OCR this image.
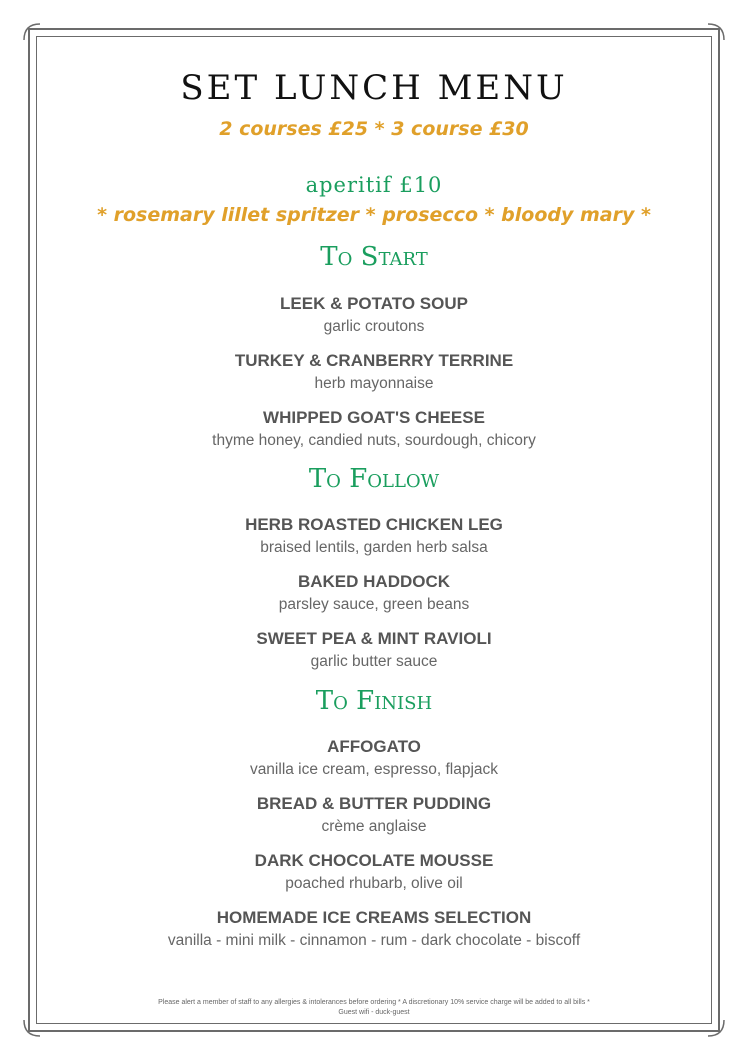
SET LUNCH MENU
2 courses £25 * 3 course £30
aperitif £10
* rosemary lillet spritzer * prosecco * bloody mary *
To Start
LEEK & POTATO SOUP
garlic croutons
TURKEY & CRANBERRY TERRINE
herb mayonnaise
WHIPPED GOAT'S CHEESE
thyme honey, candied nuts, sourdough, chicory
To Follow
HERB ROASTED CHICKEN LEG
braised lentils, garden herb salsa
BAKED HADDOCK
parsley sauce, green beans
SWEET PEA & MINT RAVIOLI
garlic butter sauce
To Finish
AFFOGATO
vanilla ice cream, espresso, flapjack
BREAD & BUTTER PUDDING
crème anglaise
DARK CHOCOLATE MOUSSE
poached rhubarb, olive oil
HOMEMADE ICE CREAMS SELECTION
vanilla - mini milk - cinnamon - rum - dark chocolate - biscoff
Please alert a member of staff to any allergies & intolerances before ordering * A discretionary 10% service charge will be added to all bills *
Guest wifi - duck-guest
